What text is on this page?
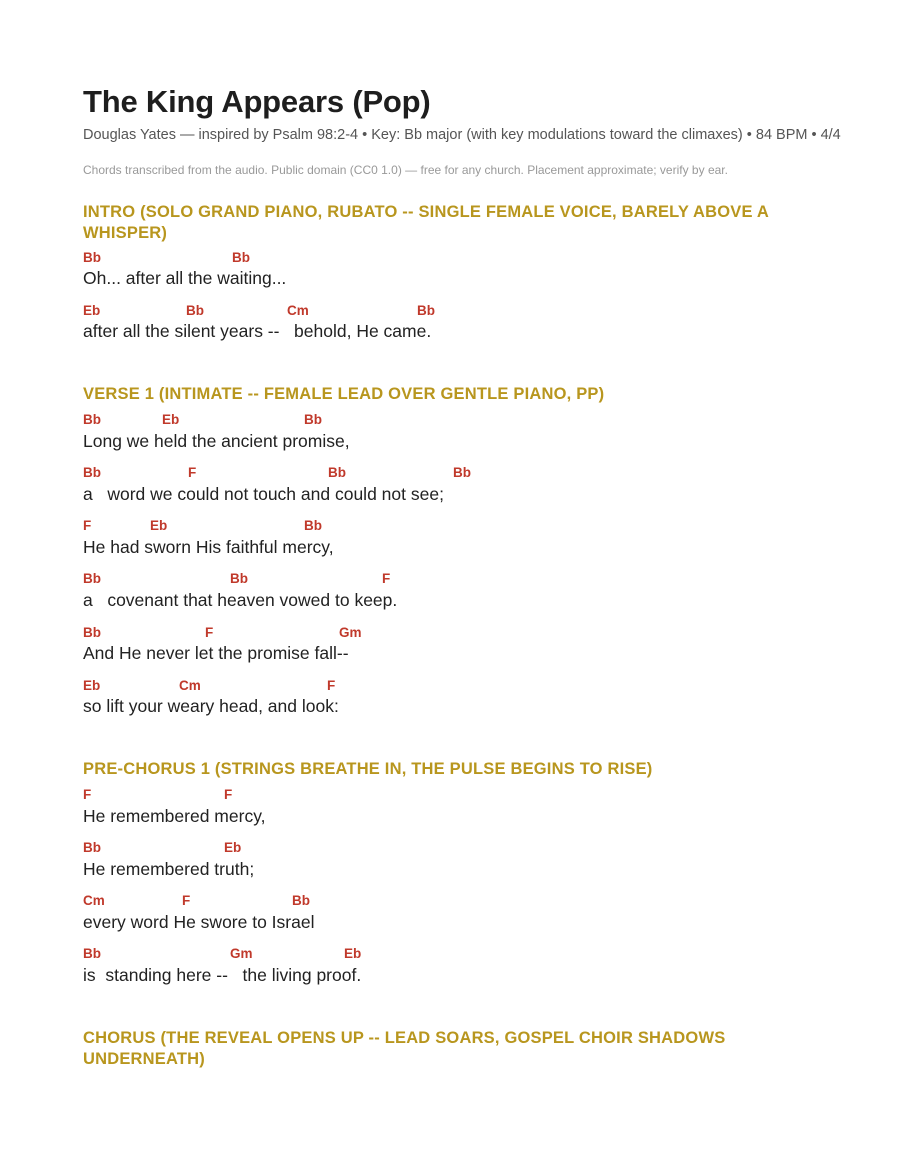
The King Appears (Pop)
Douglas Yates — inspired by Psalm 98:2-4 • Key: Bb major (with key modulations toward the climaxes) • 84 BPM • 4/4
Chords transcribed from the audio. Public domain (CC0 1.0) — free for any church. Placement approximate; verify by ear.
INTRO (SOLO GRAND PIANO, RUBATO -- SINGLE FEMALE VOICE, BARELY ABOVE A WHISPER)
Bb	Bb
Oh... after all the waiting...
Eb	Bb	Cm	Bb
after all the silent years --   behold, He came.
VERSE 1 (INTIMATE -- FEMALE LEAD OVER GENTLE PIANO, PP)
Bb	Eb	Bb
Long we held the ancient promise,
Bb	F	Bb	Bb
a   word we could not touch and could not see;
F	Eb	Bb
He had sworn His faithful mercy,
Bb	Bb	F
a   covenant that heaven vowed to keep.
Bb	F	Gm
And He never let the promise fall--
Eb	Cm	F
so lift your weary head, and look:
PRE-CHORUS 1 (STRINGS BREATHE IN, THE PULSE BEGINS TO RISE)
F	F
He remembered mercy,
Bb	Eb
He remembered truth;
Cm	F	Bb
every word He swore to Israel
Bb	Gm	Eb
is  standing here --   the living proof.
CHORUS (THE REVEAL OPENS UP -- LEAD SOARS, GOSPEL CHOIR SHADOWS UNDERNEATH)
